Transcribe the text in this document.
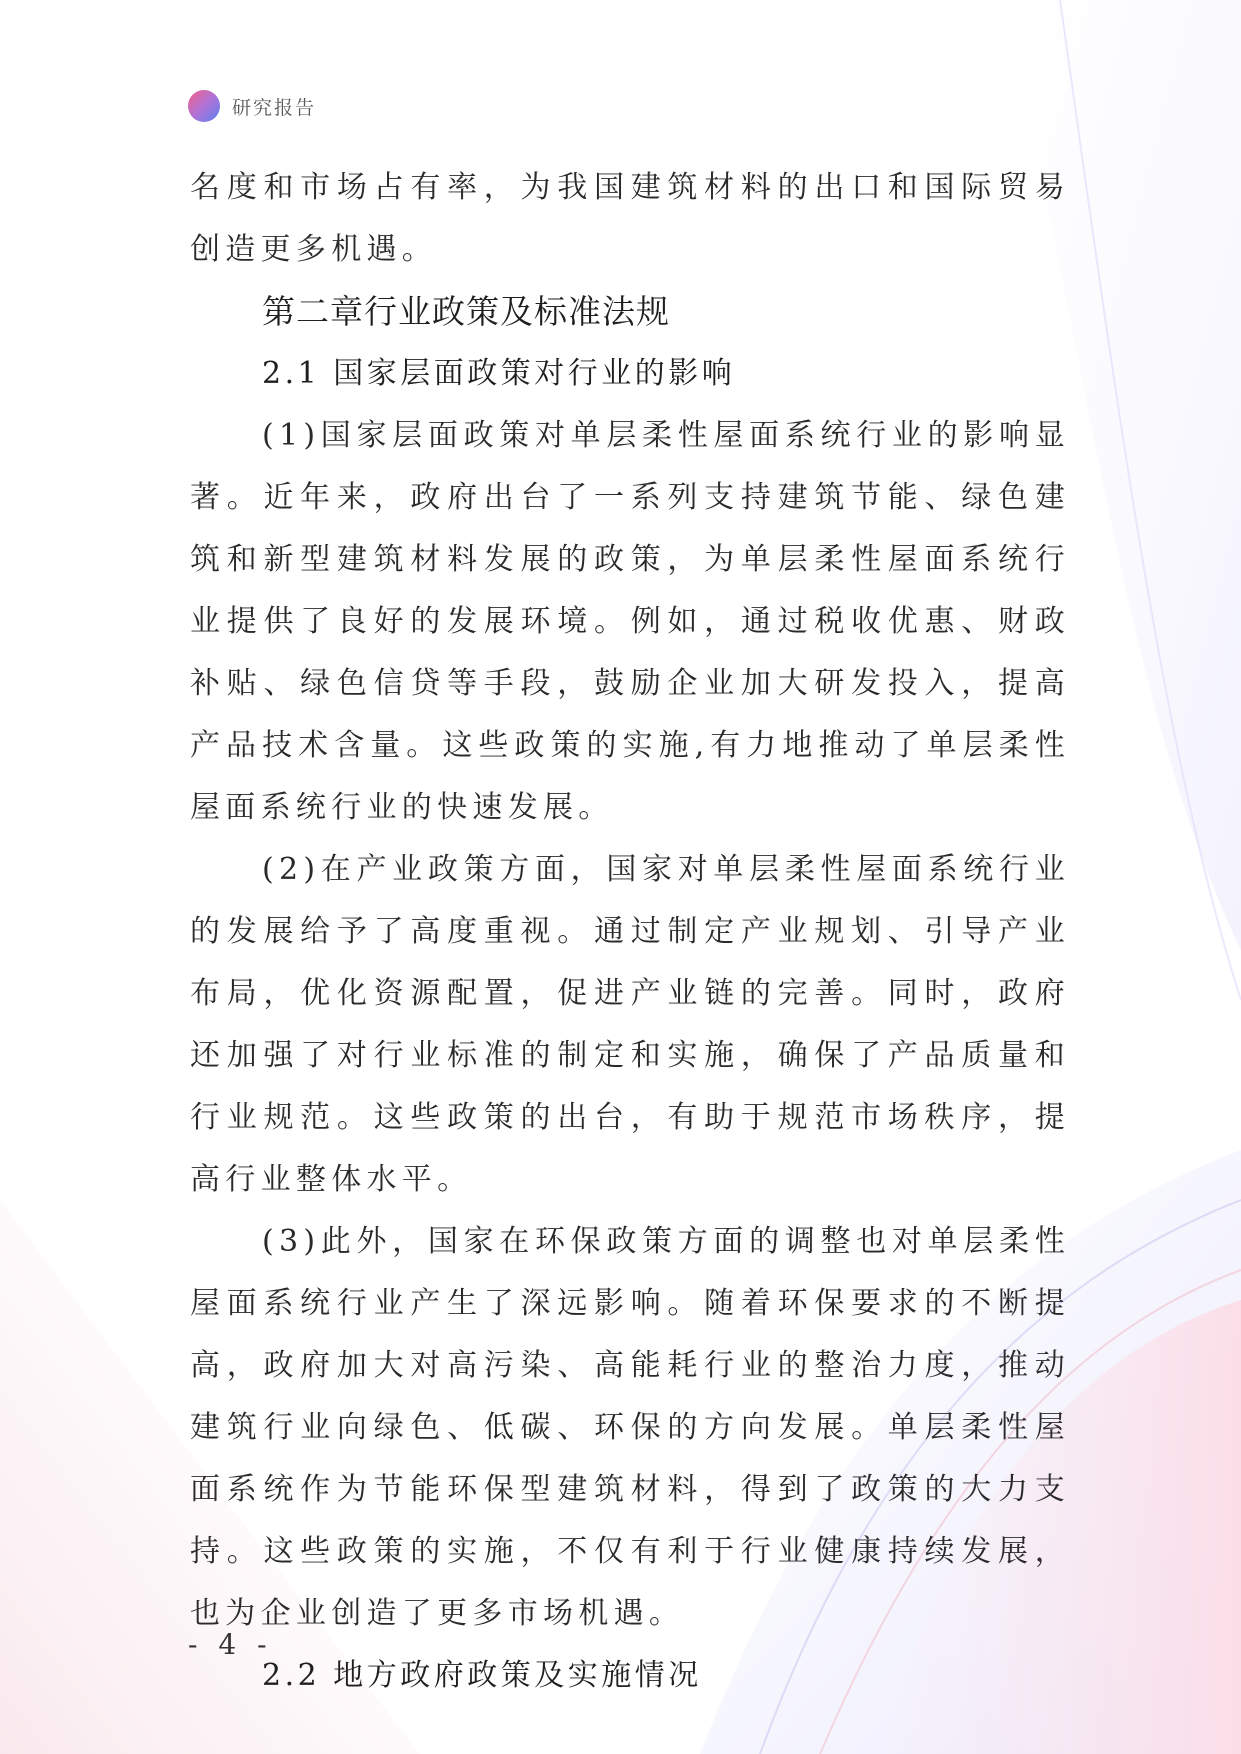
研究报告

名度和市场占有率，为我国建筑材料的出口和国际贸易创造更多机遇。

第二章行业政策及标准法规

2.1 国家层面政策对行业的影响

(1)国家层面政策对单层柔性屋面系统行业的影响显著。近年来，政府出台了一系列支持建筑节能、绿色建筑和新型建筑材料发展的政策，为单层柔性屋面系统行业提供了良好的发展环境。例如，通过税收优惠、财政补贴、绿色信贷等手段，鼓励企业加大研发投入，提高产品技术含量。这些政策的实施,有力地推动了单层柔性屋面系统行业的快速发展。

(2)在产业政策方面，国家对单层柔性屋面系统行业的发展给予了高度重视。通过制定产业规划、引导产业布局，优化资源配置，促进产业链的完善。同时，政府还加强了对行业标准的制定和实施，确保了产品质量和行业规范。这些政策的出台，有助于规范市场秩序，提高行业整体水平。

(3)此外，国家在环保政策方面的调整也对单层柔性屋面系统行业产生了深远影响。随着环保要求的不断提高，政府加大对高污染、高能耗行业的整治力度，推动建筑行业向绿色、低碳、环保的方向发展。单层柔性屋面系统作为节能环保型建筑材料，得到了政策的大力支持。这些政策的实施，不仅有利于行业健康持续发展，也为企业创造了更多市场机遇。

2.2 地方政府政策及实施情况

- 4 -
